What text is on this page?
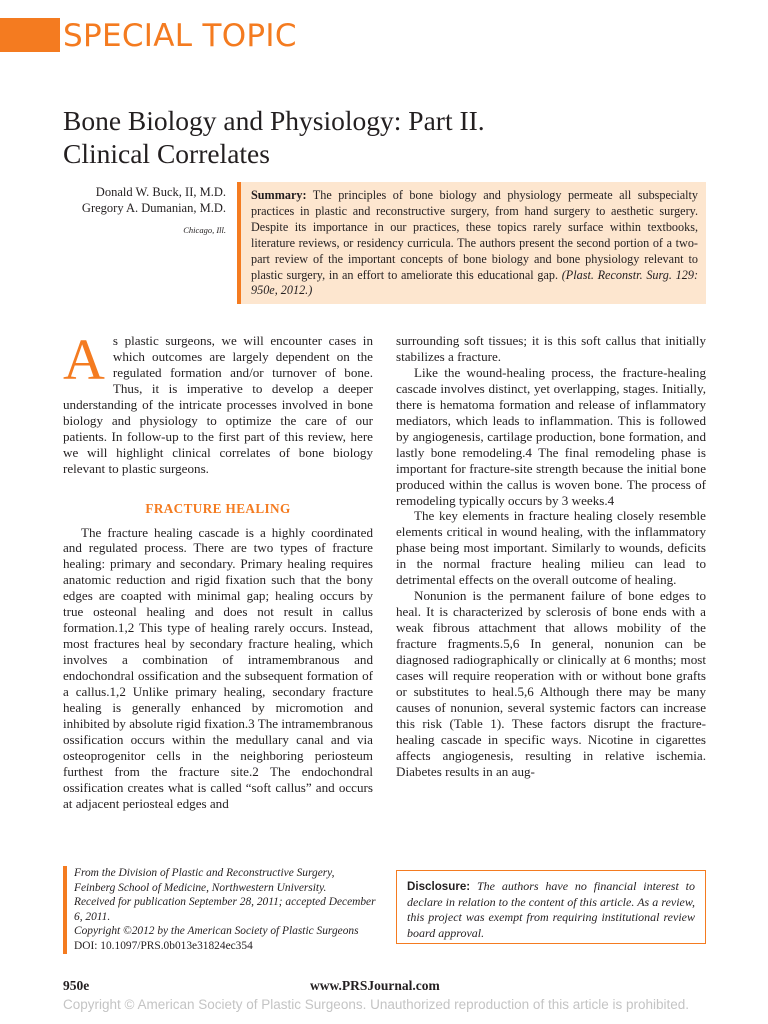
SPECIAL TOPIC
Bone Biology and Physiology: Part II.
Clinical Correlates
Donald W. Buck, II, M.D.
Gregory A. Dumanian, M.D.
Chicago, Ill.
Summary: The principles of bone biology and physiology permeate all subspecialty practices in plastic and reconstructive surgery, from hand surgery to aesthetic surgery. Despite its importance in our practices, these topics rarely surface within textbooks, literature reviews, or residency curricula. The authors present the second portion of a two-part review of the important concepts of bone biology and bone physiology relevant to plastic surgery, in an effort to ameliorate this educational gap. (Plast. Reconstr. Surg. 129: 950e, 2012.)

As plastic surgeons, we will encounter cases in which outcomes are largely dependent on the regulated formation and/or turnover of bone. Thus, it is imperative to develop a deeper understanding of the intricate processes involved in bone biology and physiology to optimize the care of our patients. In follow-up to the first part of this review, here we will highlight clinical correlates of bone biology relevant to plastic surgeons.

FRACTURE HEALING

The fracture healing cascade is a highly coordinated and regulated process. There are two types of fracture healing: primary and secondary. Primary healing requires anatomic reduction and rigid fixation such that the bony edges are coapted with minimal gap; healing occurs by true osteonal healing and does not result in callus formation.1,2 This type of healing rarely occurs. Instead, most fractures heal by secondary fracture healing, which involves a combination of intramembranous and endochondral ossification and the subsequent formation of a callus.1,2 Unlike primary healing, secondary fracture healing is generally enhanced by micromotion and inhibited by absolute rigid fixation.3 The intramembranous ossification occurs within the medullary canal and via osteoprogenitor cells in the neighboring periosteum furthest from the fracture site.2 The endochondral ossification creates what is called “soft callus” and occurs at adjacent periosteal edges and

surrounding soft tissues; it is this soft callus that initially stabilizes a fracture.

Like the wound-healing process, the fracture-healing cascade involves distinct, yet overlapping, stages. Initially, there is hematoma formation and release of inflammatory mediators, which leads to inflammation. This is followed by angiogenesis, cartilage production, bone formation, and lastly bone remodeling.4 The final remodeling phase is important for fracture-site strength because the initial bone produced within the callus is woven bone. The process of remodeling typically occurs by 3 weeks.4

The key elements in fracture healing closely resemble elements critical in wound healing, with the inflammatory phase being most important. Similarly to wounds, deficits in the normal fracture healing milieu can lead to detrimental effects on the overall outcome of healing.

Nonunion is the permanent failure of bone edges to heal. It is characterized by sclerosis of bone ends with a weak fibrous attachment that allows mobility of the fracture fragments.5,6 In general, nonunion can be diagnosed radiographically or clinically at 6 months; most cases will require reoperation with or without bone grafts or substitutes to heal.5,6 Although there may be many causes of nonunion, several systemic factors can increase this risk (Table 1). These factors disrupt the fracture-healing cascade in specific ways. Nicotine in cigarettes affects angiogenesis, resulting in relative ischemia. Diabetes results in an aug-

From the Division of Plastic and Reconstructive Surgery, Feinberg School of Medicine, Northwestern University.
Received for publication September 28, 2011; accepted December 6, 2011.
Copyright ©2012 by the American Society of Plastic Surgeons
DOI: 10.1097/PRS.0b013e31824ec354
Disclosure: The authors have no financial interest to declare in relation to the content of this article. As a review, this project was exempt from requiring institutional review board approval.
950e	www.PRSJournal.com
Copyright © American Society of Plastic Surgeons. Unauthorized reproduction of this article is prohibited.
